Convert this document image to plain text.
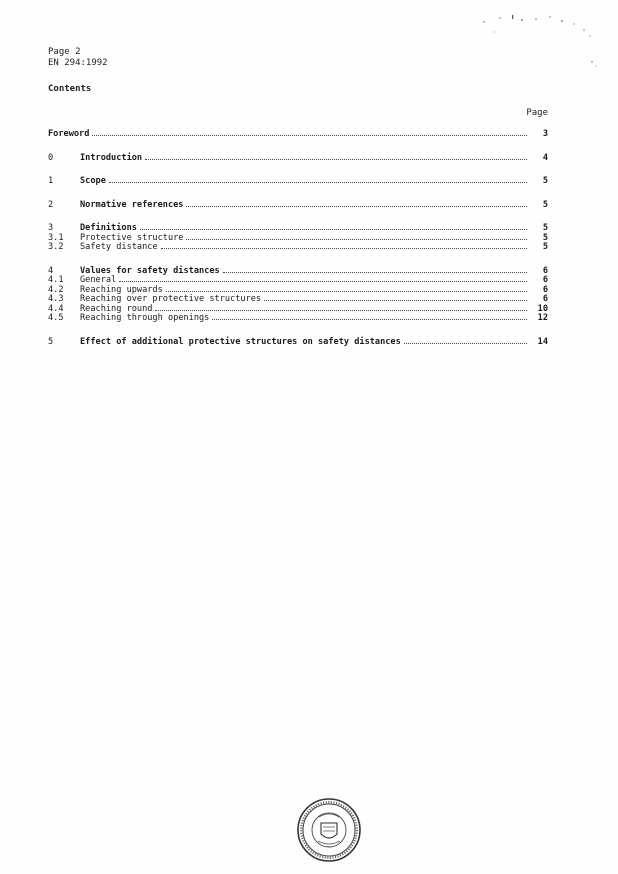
Page 2
EN 294:1992
Contents
Page
Foreword	3
0	Introduction	4
1	Scope	5
2	Normative references	5
3	Definitions	5
3.1	Protective structure	5
3.2	Safety distance	5
4	Values for safety distances	6
4.1	General	6
4.2	Reaching upwards	6
4.3	Reaching over protective structures	6
4.4	Reaching round	10
4.5	Reaching through openings	12
5	Effect of additional protective structures on safety distances	14
